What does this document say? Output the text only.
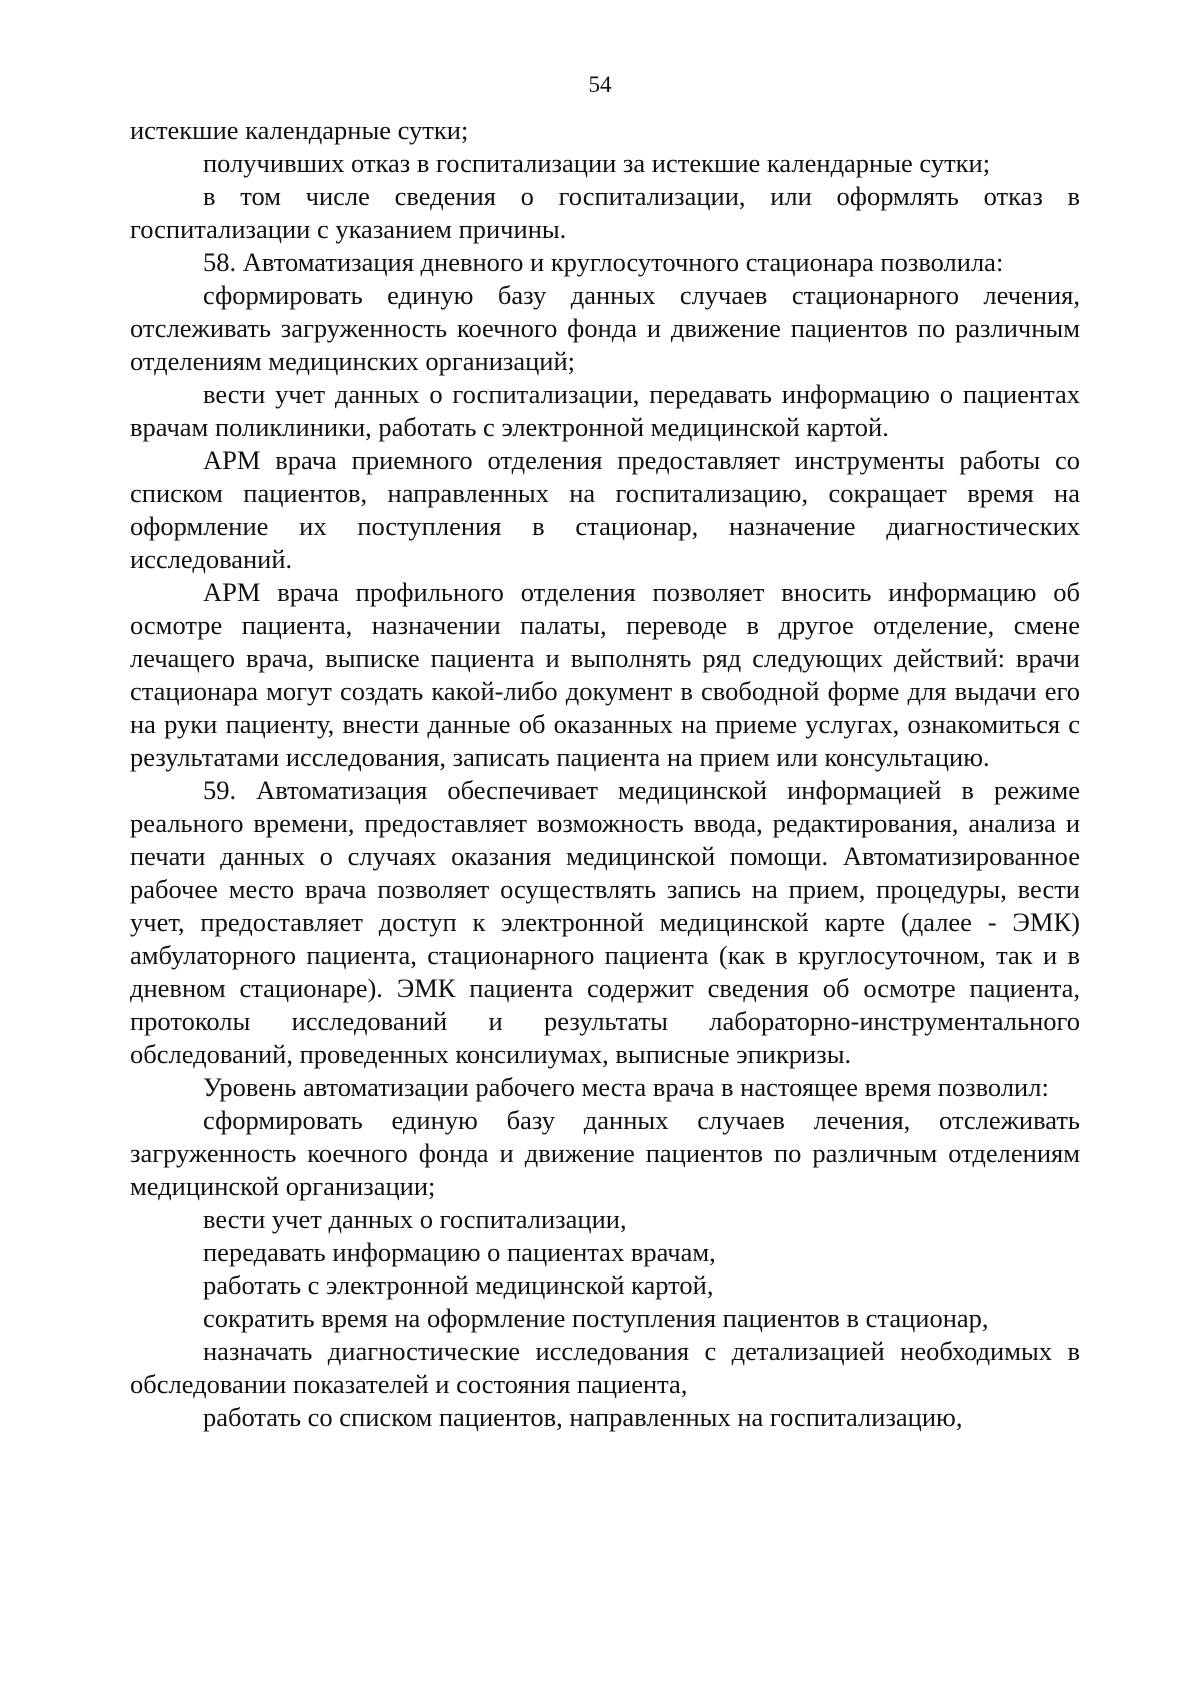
54

истекшие календарные сутки;

получивших отказ в госпитализации за истекшие календарные сутки;

в том числе сведения о госпитализации, или оформлять отказ в госпитализации с указанием причины.

58. Автоматизация дневного и круглосуточного стационара позволила:

сформировать единую базу данных случаев стационарного лечения, отслеживать загруженность коечного фонда и движение пациентов по различным отделениям медицинских организаций;

вести учет данных о госпитализации, передавать информацию о пациентах врачам поликлиники, работать с электронной медицинской картой.

АРМ врача приемного отделения предоставляет инструменты работы со списком пациентов, направленных на госпитализацию, сокращает время на оформление их поступления в стационар, назначение диагностических исследований.

АРМ врача профильного отделения позволяет вносить информацию об осмотре пациента, назначении палаты, переводе в другое отделение, смене лечащего врача, выписке пациента и выполнять ряд следующих действий: врачи стационара могут создать какой-либо документ в свободной форме для выдачи его на руки пациенту, внести данные об оказанных на приеме услугах, ознакомиться с результатами исследования, записать пациента на прием или консультацию.

59. Автоматизация обеспечивает медицинской информацией в режиме реального времени, предоставляет возможность ввода, редактирования, анализа и печати данных о случаях оказания медицинской помощи. Автоматизированное рабочее место врача позволяет осуществлять запись на прием, процедуры, вести учет, предоставляет доступ к электронной медицинской карте (далее - ЭМК) амбулаторного пациента, стационарного пациента (как в круглосуточном, так и в дневном стационаре). ЭМК пациента содержит сведения об осмотре пациента, протоколы исследований и результаты лабораторно-инструментального обследований, проведенных консилиумах, выписные эпикризы.

Уровень автоматизации рабочего места врача в настоящее время позволил:

сформировать единую базу данных случаев лечения, отслеживать загруженность коечного фонда и движение пациентов по различным отделениям медицинской организации;

вести учет данных о госпитализации,

передавать информацию о пациентах врачам,

работать с электронной медицинской картой,

сократить время на оформление поступления пациентов в стационар,

назначать диагностические исследования с детализацией необходимых в обследовании показателей и состояния пациента,

работать со списком пациентов, направленных на госпитализацию,
